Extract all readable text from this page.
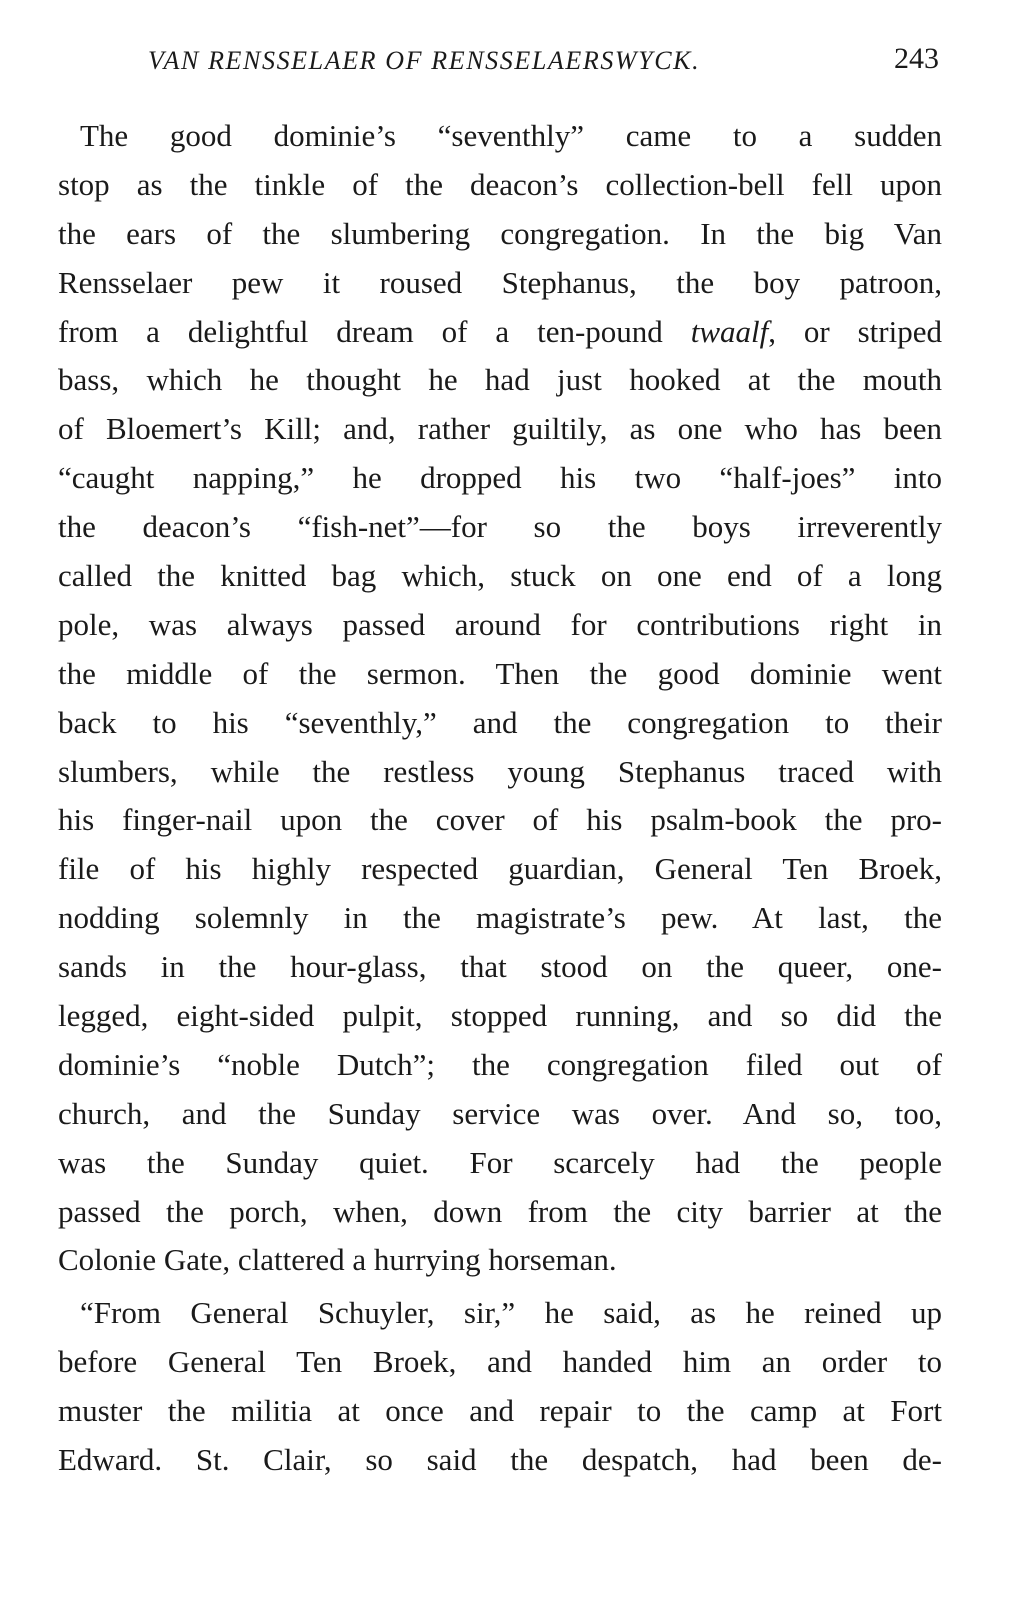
VAN RENSSELAER OF RENSSELAERSWYCK.	243
The good dominie’s “seventhly” came to a sudden
stop as the tinkle of the deacon’s collection-bell fell upon
the ears of the slumbering congregation. In the big Van
Rensselaer pew it roused Stephanus, the boy patroon,
from a delightful dream of a ten-pound twaalf, or striped
bass, which he thought he had just hooked at the mouth
of Bloemert’s Kill; and, rather guiltily, as one who has been
“caught napping,” he dropped his two “half-joes” into
the deacon’s “fish-net”—for so the boys irreverently
called the knitted bag which, stuck on one end of a long
pole, was always passed around for contributions right in
the middle of the sermon. Then the good dominie went
back to his “seventhly,” and the congregation to their
slumbers, while the restless young Stephanus traced with
his finger-nail upon the cover of his psalm-book the pro-
file of his highly respected guardian, General Ten Broek,
nodding solemnly in the magistrate’s pew. At last, the
sands in the hour-glass, that stood on the queer, one-
legged, eight-sided pulpit, stopped running, and so did the
dominie’s “noble Dutch”; the congregation filed out of
church, and the Sunday service was over. And so, too,
was the Sunday quiet. For scarcely had the people
passed the porch, when, down from the city barrier at the
Colonie Gate, clattered a hurrying horseman.
“From General Schuyler, sir,” he said, as he reined up
before General Ten Broek, and handed him an order to
muster the militia at once and repair to the camp at Fort
Edward. St. Clair, so said the despatch, had been de-
